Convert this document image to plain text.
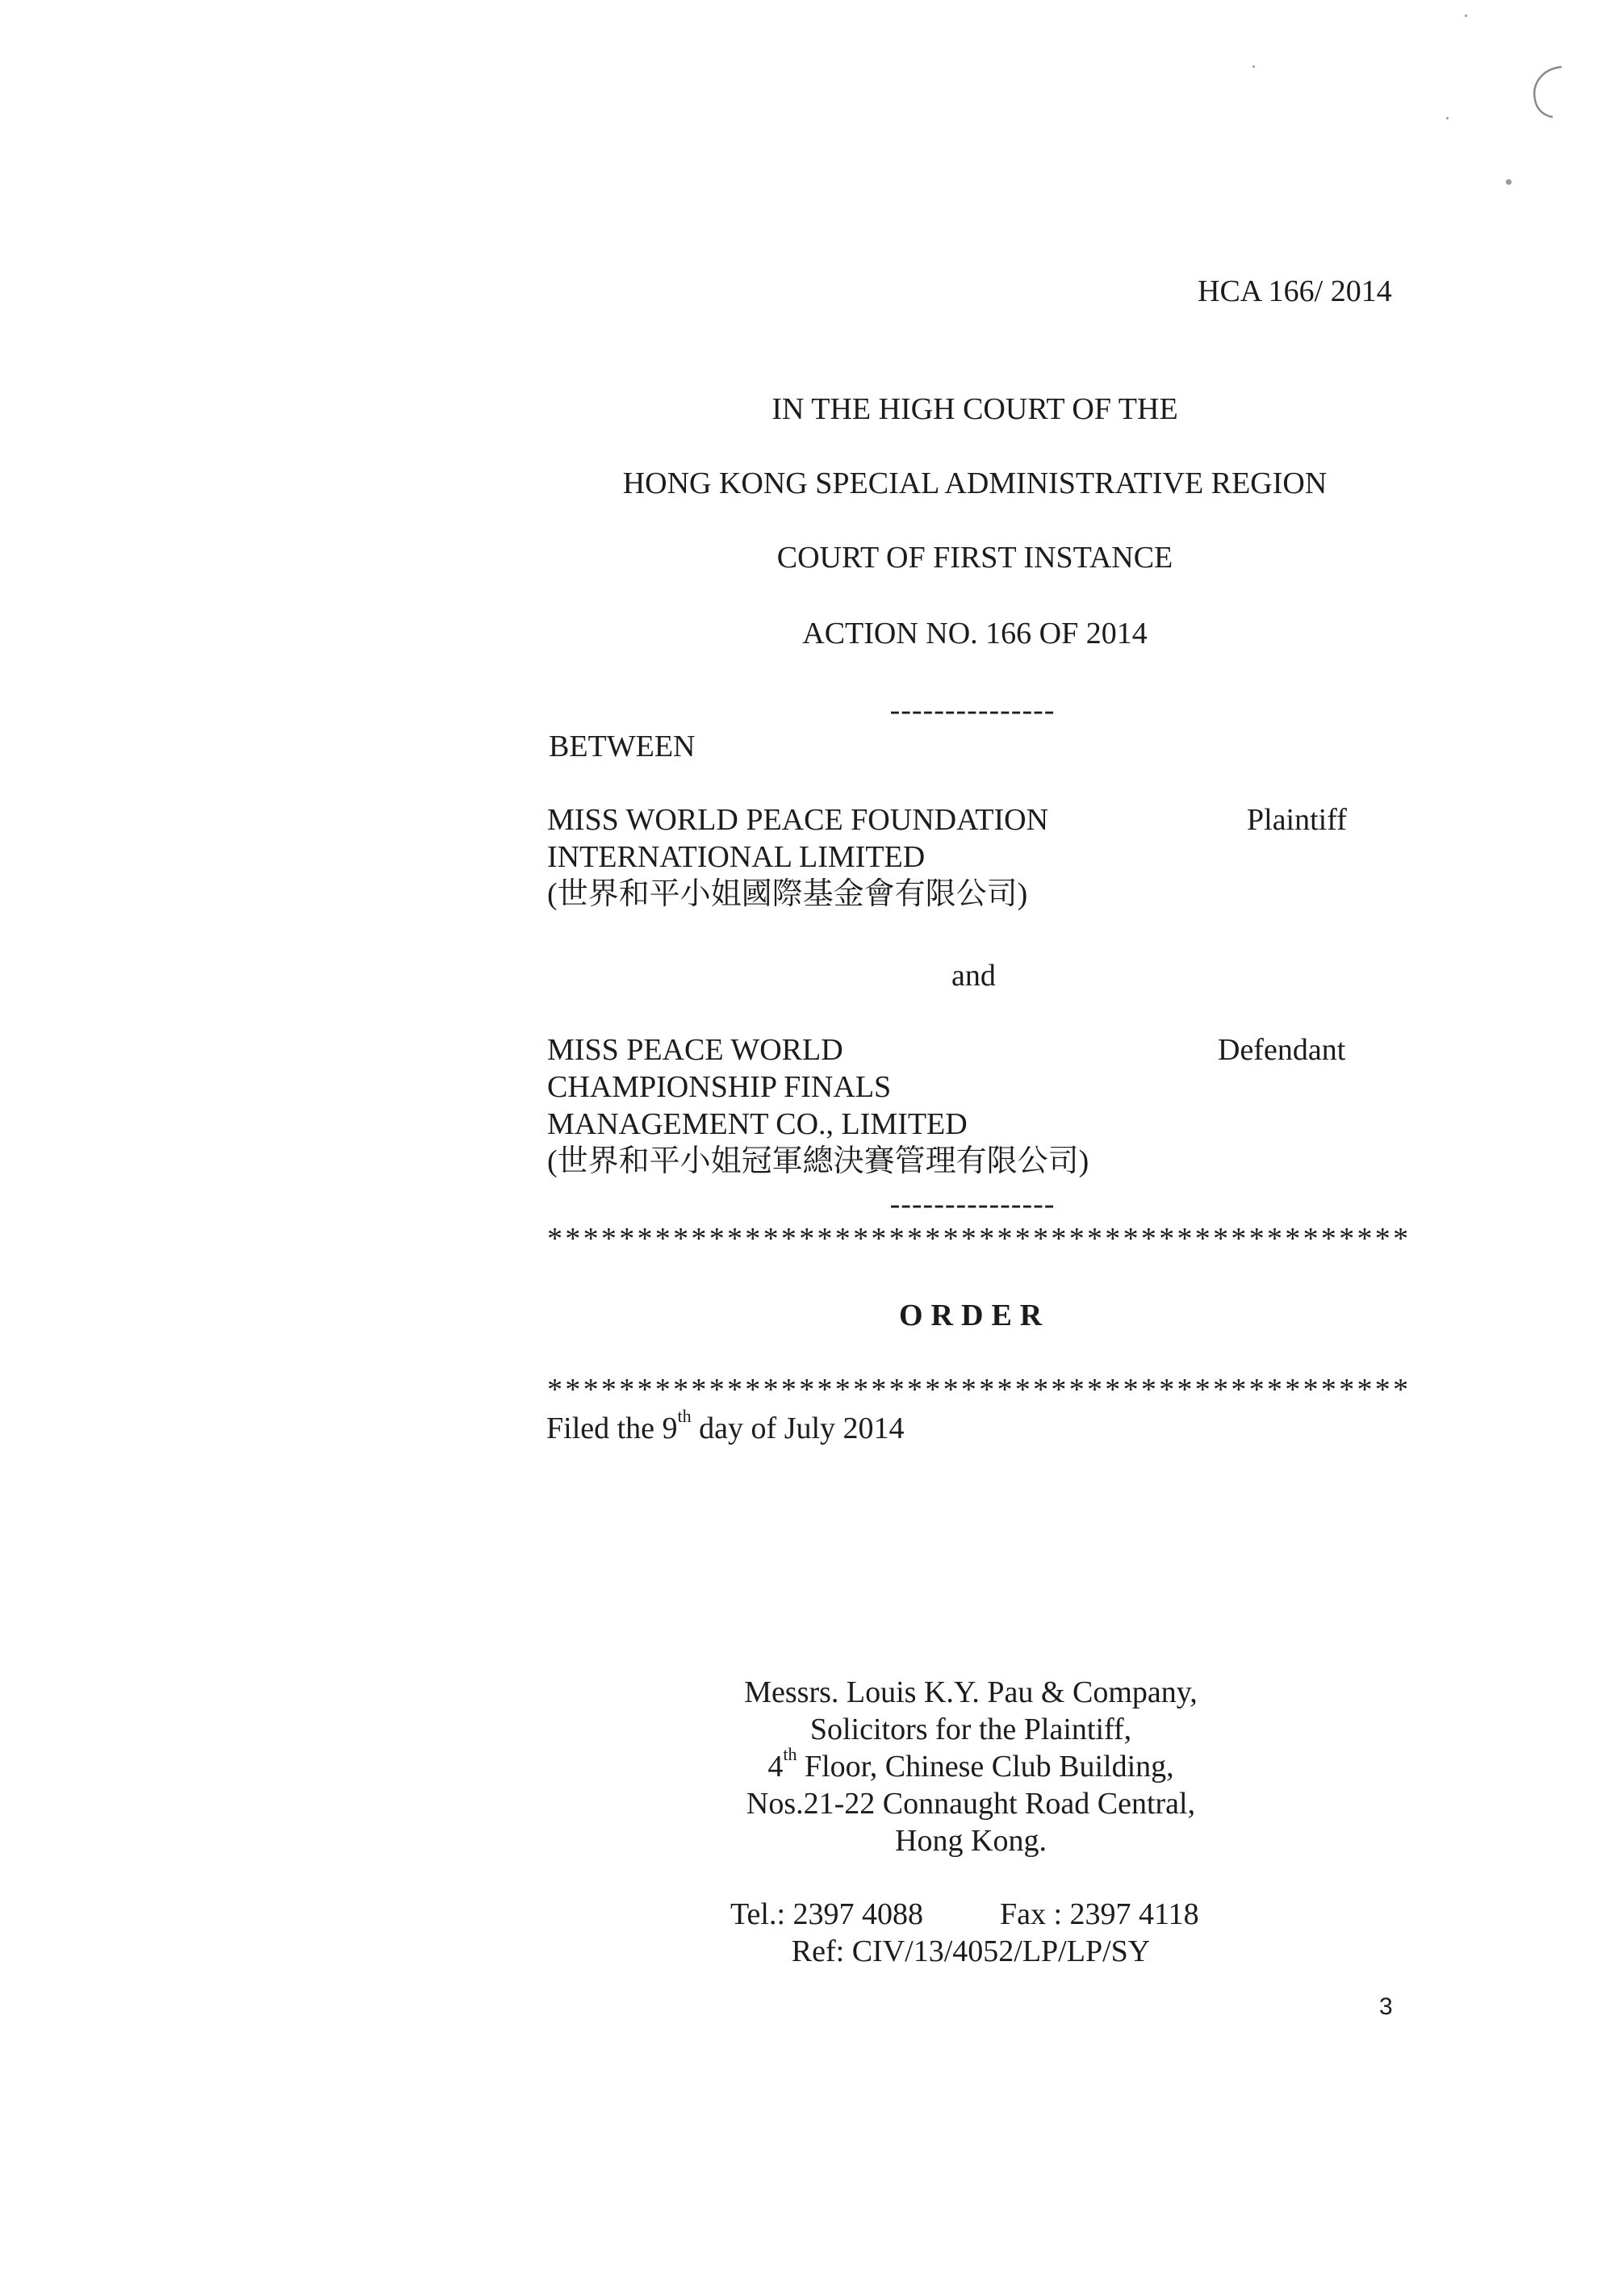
HCA 166/ 2014
IN THE HIGH COURT OF THE
HONG KONG SPECIAL ADMINISTRATIVE REGION
COURT OF FIRST INSTANCE
ACTION NO. 166 OF 2014
---------------
BETWEEN
MISS WORLD PEACE FOUNDATION
INTERNATIONAL LIMITED
(世界和平小姐國際基金會有限公司)
Plaintiff
and
MISS PEACE WORLD
CHAMPIONSHIP FINALS
MANAGEMENT CO., LIMITED
(世界和平小姐冠軍總決賽管理有限公司)
Defendant
---------------
************************************************
ORDER
************************************************
Filed the 9th day of July 2014
Messrs. Louis K.Y. Pau & Company,
Solicitors for the Plaintiff,
4th Floor, Chinese Club Building,
Nos.21-22 Connaught Road Central,
Hong Kong.
Tel.: 2397 4088 Fax : 2397 4118
Ref: CIV/13/4052/LP/LP/SY
3
